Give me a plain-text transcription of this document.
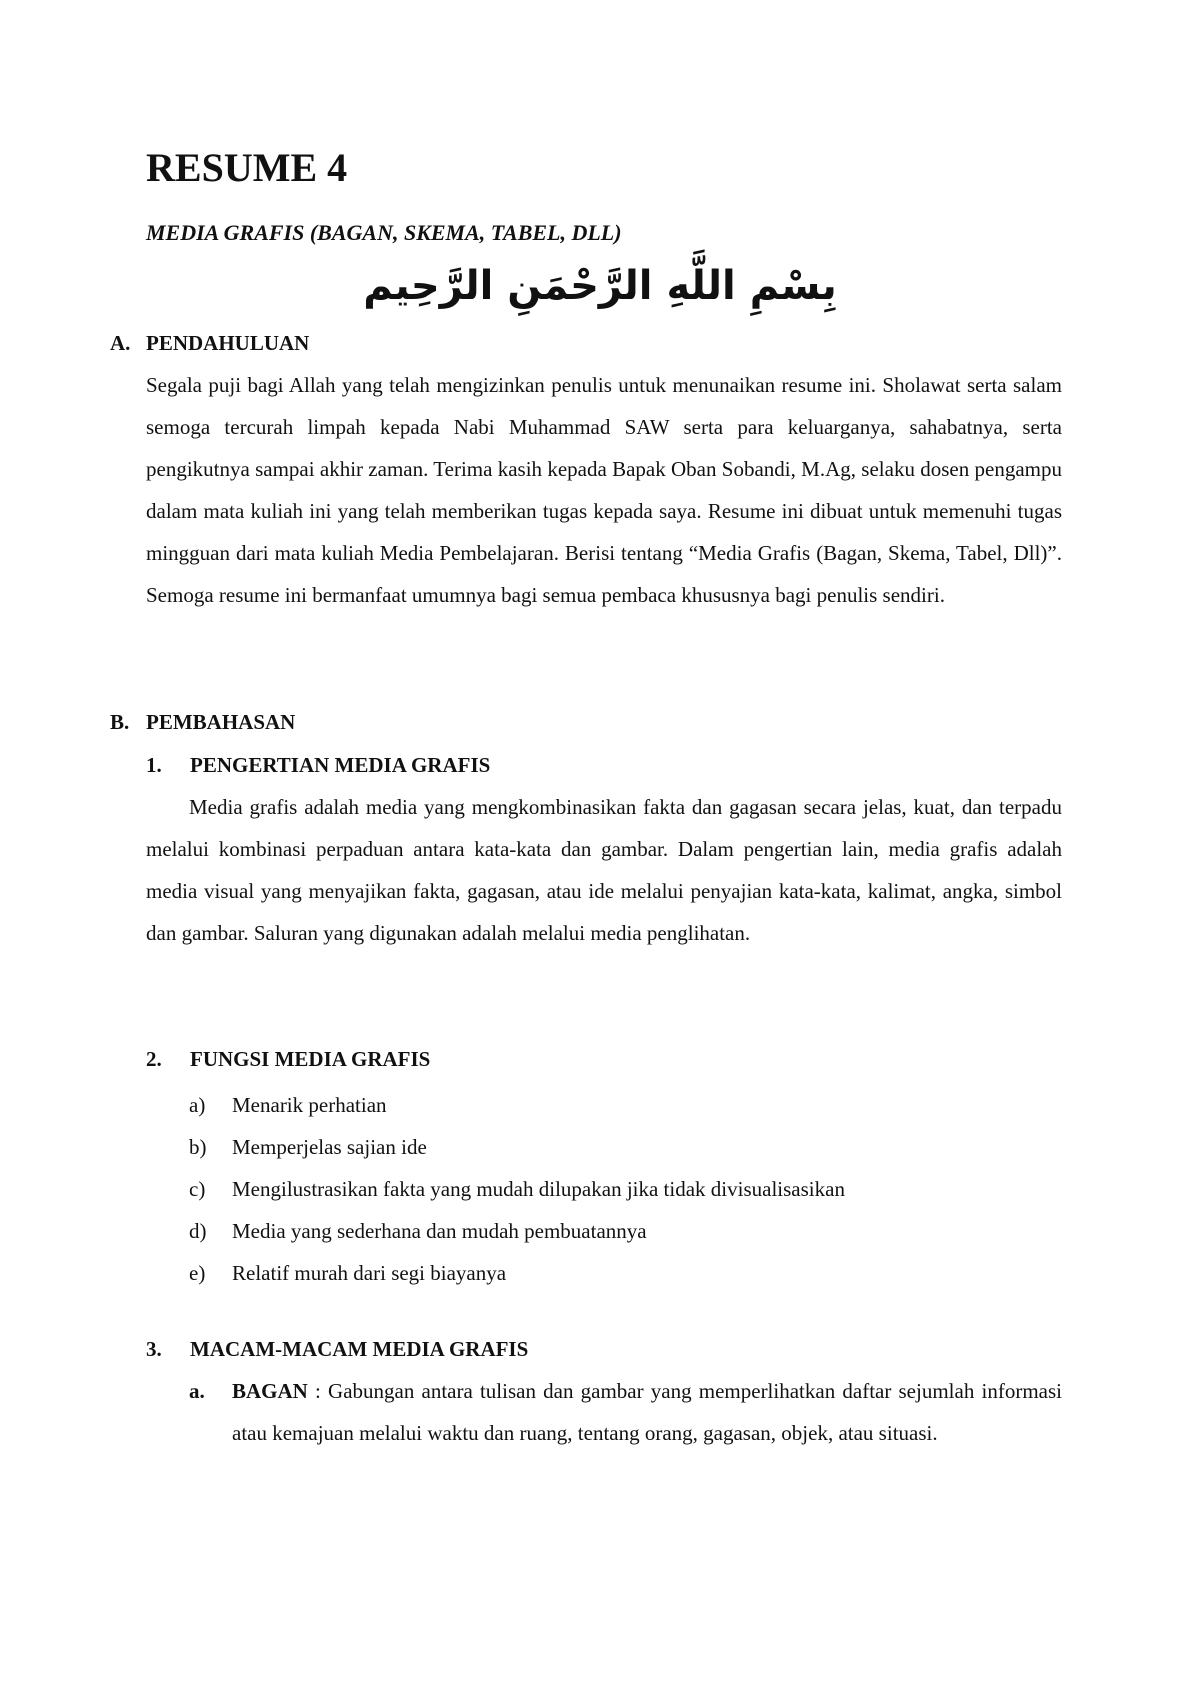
RESUME 4
MEDIA GRAFIS (BAGAN, SKEMA, TABEL, DLL)

بِسْمِ اللَّهِ الرَّحْمَنِ الرَّحِيم

A. PENDAHULUAN

Segala puji bagi Allah yang telah mengizinkan penulis untuk menunaikan resume ini. Sholawat serta salam semoga tercurah limpah kepada Nabi Muhammad SAW serta para keluarganya, sahabatnya, serta pengikutnya sampai akhir zaman. Terima kasih kepada Bapak Oban Sobandi, M.Ag, selaku dosen pengampu dalam mata kuliah ini yang telah memberikan tugas kepada saya. Resume ini dibuat untuk memenuhi tugas mingguan dari mata kuliah Media Pembelajaran. Berisi tentang “Media Grafis (Bagan, Skema, Tabel, Dll)”. Semoga resume ini bermanfaat umumnya bagi semua pembaca khususnya bagi penulis sendiri.

B. PEMBAHASAN
1. PENGERTIAN MEDIA GRAFIS

Media grafis adalah media yang mengkombinasikan fakta dan gagasan secara jelas, kuat, dan terpadu melalui kombinasi perpaduan antara kata-kata dan gambar. Dalam pengertian lain, media grafis adalah media visual yang menyajikan fakta, gagasan, atau ide melalui penyajian kata-kata, kalimat, angka, simbol dan gambar. Saluran yang digunakan adalah melalui media penglihatan.

2. FUNGSI MEDIA GRAFIS
a) Menarik perhatian
b) Memperjelas sajian ide
c) Mengilustrasikan fakta yang mudah dilupakan jika tidak divisualisasikan
d) Media yang sederhana dan mudah pembuatannya
e) Relatif murah dari segi biayanya
3. MACAM-MACAM MEDIA GRAFIS
a. BAGAN : Gabungan antara tulisan dan gambar yang memperlihatkan daftar sejumlah informasi atau kemajuan melalui waktu dan ruang, tentang orang, gagasan, objek, atau situasi.
